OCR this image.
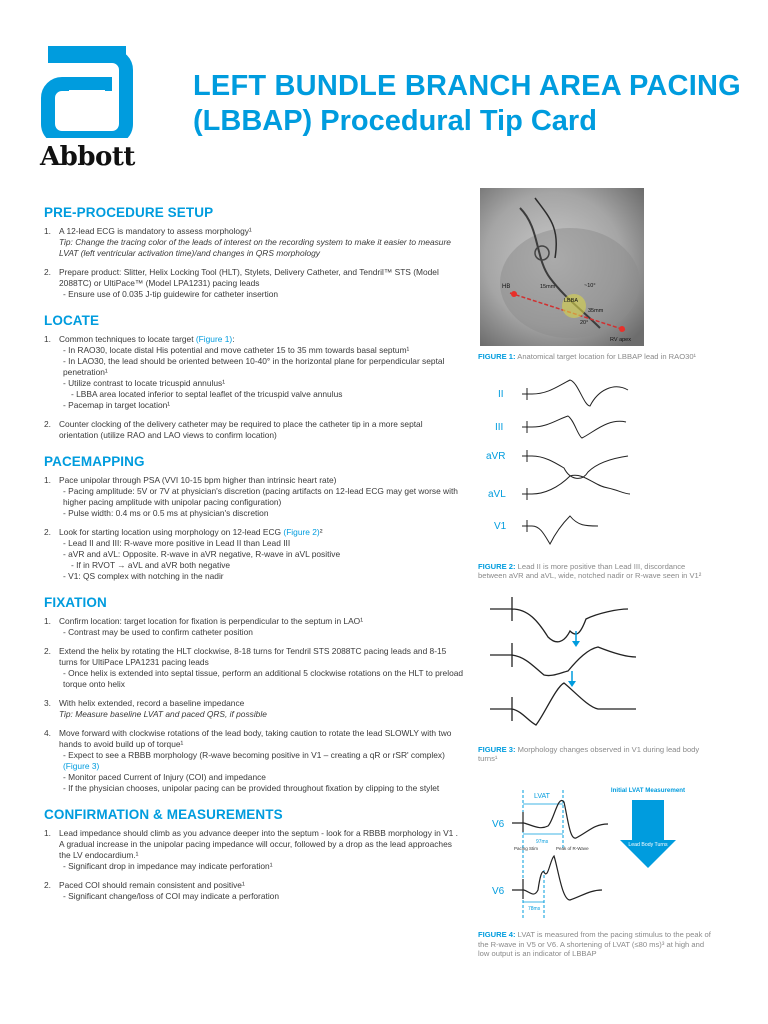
Abbott

LEFT BUNDLE BRANCH AREA PACING
(LBBAP) Procedural Tip Card
PRE-PROCEDURE SETUP
1. A 12-lead ECG is mandatory to assess morphology¹
Tip: Change the tracing color of the leads of interest on the recording system to make it easier to measure LVAT (left ventricular activation time)/and changes in QRS morphology
2. Prepare product: Slitter, Helix Locking Tool (HLT), Stylets, Delivery Catheter, and Tendril™ STS (Model 2088TC) or UltiPace™ (Model LPA1231) pacing leads
- Ensure use of 0.035 J-tip guidewire for catheter insertion
LOCATE
1. Common techniques to locate target (Figure 1):
- In RAO30, locate distal His potential and move catheter 15 to 35 mm towards basal septum¹
- In LAO30, the lead should be oriented between 10-40° in the horizontal plane for perpendicular septal penetration¹
- Utilize contrast to locate tricuspid annulus¹
- LBBA area located inferior to septal leaflet of the tricuspid valve annulus
- Pacemap in target location¹
2. Counter clocking of the delivery catheter may be required to place the catheter tip in a more septal orientation (utilize RAO and LAO views to confirm location)
PACEMAPPING
1. Pace unipolar through PSA (VVI 10-15 bpm higher than intrinsic heart rate)
- Pacing amplitude: 5V or 7V at physician's discretion (pacing artifacts on 12-lead ECG may get worse with higher pacing amplitude with unipolar pacing configuration)
- Pulse width: 0.4 ms or 0.5 ms at physician's discretion
2. Look for starting location using morphology on 12-lead ECG (Figure 2)²
- Lead II and III: R-wave more positive in Lead II than Lead III
- aVR and aVL: Opposite. R-wave in aVR negative, R-wave in aVL positive
- If in RVOT → aVL and aVR both negative
- V1: QS complex with notching in the nadir
FIXATION
1. Confirm location: target location for fixation is perpendicular to the septum in LAO¹
- Contrast may be used to confirm catheter position
2. Extend the helix by rotating the HLT clockwise, 8-18 turns for Tendril STS 2088TC pacing leads and 8-15 turns for UltiPace LPA1231 pacing leads
- Once helix is extended into septal tissue, perform an additional 5 clockwise rotations on the HLT to preload torque onto helix
3. With helix extended, record a baseline impedance
Tip: Measure baseline LVAT and paced QRS, if possible
4. Move forward with clockwise rotations of the lead body, taking caution to rotate the lead SLOWLY with two hands to avoid build up of torque¹
- Expect to see a RBBB morphology (R-wave becoming positive in V1 – creating a qR or rSR' complex) (Figure 3)
- Monitor paced Current of Injury (COI) and impedance
- If the physician chooses, unipolar pacing can be provided throughout fixation by clipping to the stylet
CONFIRMATION & MEASUREMENTS
1. Lead impedance should climb as you advance deeper into the septum - look for a RBBB morphology in V1 . A gradual increase in the unipolar pacing impedance will occur, followed by a drop as the lead approaches the LV endocardium.¹
- Significant drop in impedance may indicate perforation¹
2. Paced COI should remain consistent and positive¹
- Significant change/loss of COI may indicate a perforation
HB	15mm	~10°
LBBA
35mm
20°
RV apex

FIGURE 1: Anatomical target location for LBBAP lead in RAO30¹

II
III
aVR
aVL
V1

FIGURE 2: Lead II is more positive than Lead III, discordance between aVR and aVL, wide, notched nadir or R-wave seen in V1²

FIGURE 3: Morphology changes observed in V1 during lead body turns¹

LVAT
V6
V6
97ms
78ms
Pacing Stim	Peak of R-Wave
Initial LVAT Measurement
Lead Body Turns

FIGURE 4: LVAT is measured from the pacing stimulus to the peak of the R-wave in V5 or V6. A shortening of LVAT (≤80 ms)³ at high and low output is an indicator of LBBAP
